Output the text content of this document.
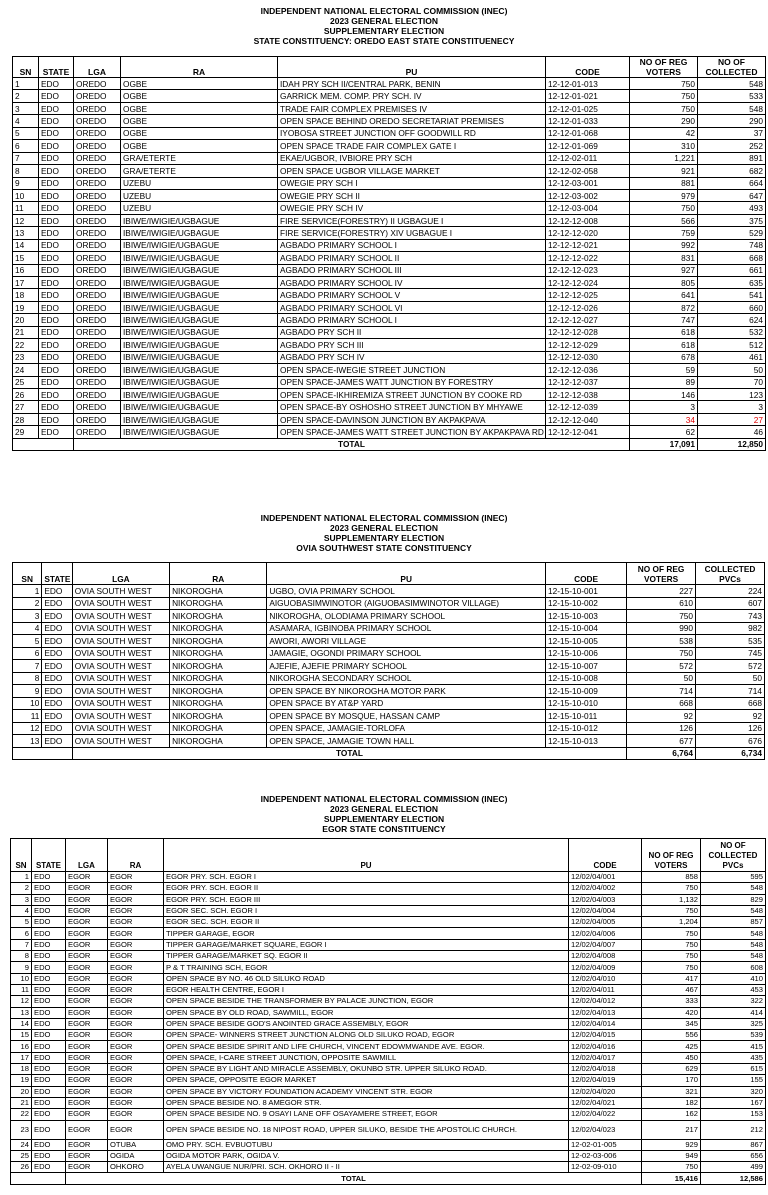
INDEPENDENT NATIONAL ELECTORAL COMMISSION (INEC)
2023 GENERAL ELECTION
SUPPLEMENTARY ELECTION
STATE CONSTITUENCY: OREDO EAST STATE CONSTITUENECY
SN	STATE	LGA	RA	PU	CODE	NO OF REG VOTERS	NO OF COLLECTED
1	EDO	OREDO	OGBE	IDAH PRY SCH II/CENTRAL PARK, BENIN	12-12-01-013	750	548
2	EDO	OREDO	OGBE	GARRICK MEM. COMP. PRY SCH. IV	12-12-01-021	750	533
3	EDO	OREDO	OGBE	TRADE FAIR COMPLEX PREMISES IV	12-12-01-025	750	548
4	EDO	OREDO	OGBE	OPEN SPACE BEHIND OREDO SECRETARIAT PREMISES	12-12-01-033	290	290
5	EDO	OREDO	OGBE	IYOBOSA STREET JUNCTION OFF GOODWILL RD	12-12-01-068	42	37
6	EDO	OREDO	OGBE	OPEN SPACE TRADE FAIR COMPLEX GATE I	12-12-01-069	310	252
7	EDO	OREDO	GRA/ETERTE	EKAE/UGBOR, IVBIORE PRY SCH	12-12-02-011	1,221	891
8	EDO	OREDO	GRA/ETERTE	OPEN SPACE UGBOR VILLAGE MARKET	12-12-02-058	921	682
9	EDO	OREDO	UZEBU	OWEGIE PRY SCH I	12-12-03-001	881	664
10	EDO	OREDO	UZEBU	OWEGIE PRY SCH II	12-12-03-002	979	647
11	EDO	OREDO	UZEBU	OWEGIE PRY SCH IV	12-12-03-004	750	493
12	EDO	OREDO	IBIWE/IWIGIE/UGBAGUE	FIRE SERVICE(FORESTRY) II UGBAGUE I	12-12-12-008	566	375
13	EDO	OREDO	IBIWE/IWIGIE/UGBAGUE	FIRE SERVICE(FORESTRY) XIV UGBAGUE I	12-12-12-020	759	529
14	EDO	OREDO	IBIWE/IWIGIE/UGBAGUE	AGBADO PRIMARY SCHOOL I	12-12-12-021	992	748
15	EDO	OREDO	IBIWE/IWIGIE/UGBAGUE	AGBADO PRIMARY SCHOOL II	12-12-12-022	831	668
16	EDO	OREDO	IBIWE/IWIGIE/UGBAGUE	AGBADO PRIMARY SCHOOL III	12-12-12-023	927	661
17	EDO	OREDO	IBIWE/IWIGIE/UGBAGUE	AGBADO PRIMARY SCHOOL IV	12-12-12-024	805	635
18	EDO	OREDO	IBIWE/IWIGIE/UGBAGUE	AGBADO PRIMARY SCHOOL V	12-12-12-025	641	541
19	EDO	OREDO	IBIWE/IWIGIE/UGBAGUE	AGBADO PRIMARY SCHOOL VI	12-12-12-026	872	660
20	EDO	OREDO	IBIWE/IWIGIE/UGBAGUE	AGBADO PRIMARY SCHOOL I	12-12-12-027	747	624
21	EDO	OREDO	IBIWE/IWIGIE/UGBAGUE	AGBADO PRY SCH II	12-12-12-028	618	532
22	EDO	OREDO	IBIWE/IWIGIE/UGBAGUE	AGBADO PRY SCH III	12-12-12-029	618	512
23	EDO	OREDO	IBIWE/IWIGIE/UGBAGUE	AGBADO PRY SCH IV	12-12-12-030	678	461
24	EDO	OREDO	IBIWE/IWIGIE/UGBAGUE	OPEN SPACE-IWEGIE STREET JUNCTION	12-12-12-036	59	50
25	EDO	OREDO	IBIWE/IWIGIE/UGBAGUE	OPEN SPACE-JAMES WATT JUNCTION BY FORESTRY	12-12-12-037	89	70
26	EDO	OREDO	IBIWE/IWIGIE/UGBAGUE	OPEN SPACE-IKHIREMIZA STREET JUNCTION BY COOKE RD	12-12-12-038	146	123
27	EDO	OREDO	IBIWE/IWIGIE/UGBAGUE	OPEN SPACE-BY OSHOSHO STREET JUNCTION BY MHYAWE	12-12-12-039	3	3
28	EDO	OREDO	IBIWE/IWIGIE/UGBAGUE	OPEN SPACE-DAVINSON JUNCTION BY AKPAKPAVA	12-12-12-040	34	27
29	EDO	OREDO	IBIWE/IWIGIE/UGBAGUE	OPEN SPACE-JAMES WATT STREET JUNCTION BY AKPAKPAVA RD	12-12-12-041	62	46
		TOTAL				17,091	12,850
INDEPENDENT NATIONAL ELECTORAL COMMISSION (INEC)
2023 GENERAL ELECTION
SUPPLEMENTARY ELECTION
OVIA SOUTHWEST STATE CONSTITUENCY
SN	STATE	LGA	RA	PU	CODE	NO OF REG VOTERS	COLLECTED PVCs
1	EDO	OVIA SOUTH WEST	NIKOROGHA	UGBO, OVIA PRIMARY SCHOOL	12-15-10-001	227	224
2	EDO	OVIA SOUTH WEST	NIKOROGHA	AIGUOBASIMWINOTOR (AIGUOBASIMWINOTOR VILLAGE)	12-15-10-002	610	607
3	EDO	OVIA SOUTH WEST	NIKOROGHA	NIKOROGHA, OLODIAMA PRIMARY SCHOOL	12-15-10-003	750	743
4	EDO	OVIA SOUTH WEST	NIKOROGHA	ASAMARA, IGBINOBA PRIMARY SCHOOL	12-15-10-004	990	982
5	EDO	OVIA SOUTH WEST	NIKOROGHA	AWORI, AWORI VILLAGE	12-15-10-005	538	535
6	EDO	OVIA SOUTH WEST	NIKOROGHA	JAMAGIE, OGONDI PRIMARY SCHOOL	12-15-10-006	750	745
7	EDO	OVIA SOUTH WEST	NIKOROGHA	AJEFIE, AJEFIE PRIMARY SCHOOL	12-15-10-007	572	572
8	EDO	OVIA SOUTH WEST	NIKOROGHA	NIKOROGHA SECONDARY SCHOOL	12-15-10-008	50	50
9	EDO	OVIA SOUTH WEST	NIKOROGHA	OPEN SPACE BY NIKOROGHA MOTOR PARK	12-15-10-009	714	714
10	EDO	OVIA SOUTH WEST	NIKOROGHA	OPEN SPACE BY AT&P YARD	12-15-10-010	668	668
11	EDO	OVIA SOUTH WEST	NIKOROGHA	OPEN SPACE BY MOSQUE, HASSAN CAMP	12-15-10-011	92	92
12	EDO	OVIA SOUTH WEST	NIKOROGHA	OPEN SPACE, JAMAGIE-TORLOFA	12-15-10-012	126	126
13	EDO	OVIA SOUTH WEST	NIKOROGHA	OPEN SPACE, JAMAGIE TOWN HALL	12-15-10-013	677	676
		TOTAL				6,764	6,734
INDEPENDENT NATIONAL ELECTORAL COMMISSION (INEC)
2023 GENERAL ELECTION
SUPPLEMENTARY ELECTION
EGOR STATE CONSTITUENCY
SN	STATE	LGA	RA	PU	CODE	NO OF REG VOTERS	NO OF COLLECTED PVCs
1	EDO	EGOR	EGOR	EGOR PRY. SCH. EGOR I	12/02/04/001	858	595
2	EDO	EGOR	EGOR	EGOR PRY. SCH. EGOR II	12/02/04/002	750	548
3	EDO	EGOR	EGOR	EGOR PRY. SCH. EGOR III	12/02/04/003	1,132	829
4	EDO	EGOR	EGOR	EGOR SEC. SCH. EGOR I	12/02/04/004	750	548
5	EDO	EGOR	EGOR	EGOR SEC. SCH. EGOR II	12/02/04/005	1,204	857
6	EDO	EGOR	EGOR	TIPPER GARAGE, EGOR	12/02/04/006	750	548
7	EDO	EGOR	EGOR	TIPPER GARAGE/MARKET SQUARE, EGOR I	12/02/04/007	750	548
8	EDO	EGOR	EGOR	TIPPER GARAGE/MARKET SQ. EGOR II	12/02/04/008	750	548
9	EDO	EGOR	EGOR	P & T TRAINING SCH, EGOR	12/02/04/009	750	608
10	EDO	EGOR	EGOR	OPEN SPACE BY NO. 46 OLD SILUKO ROAD	12/02/04/010	417	410
11	EDO	EGOR	EGOR	EGOR HEALTH CENTRE, EGOR I	12/02/04/011	467	453
12	EDO	EGOR	EGOR	OPEN SPACE BESIDE THE TRANSFORMER BY PALACE JUNCTION, EGOR	12/02/04/012	333	322
13	EDO	EGOR	EGOR	OPEN SPACE BY OLD ROAD, SAWMILL, EGOR	12/02/04/013	420	414
14	EDO	EGOR	EGOR	OPEN SPACE BESIDE GOD'S ANOINTED GRACE ASSEMBLY, EGOR	12/02/04/014	345	325
15	EDO	EGOR	EGOR	OPEN SPACE- WINNERS STREET JUNCTION ALONG OLD SILUKO ROAD, EGOR	12/02/04/015	556	539
16	EDO	EGOR	EGOR	OPEN SPACE BESIDE SPIRIT AND LIFE CHURCH, VINCENT EDOWMWANDE AVE. EGOR.	12/02/04/016	425	415
17	EDO	EGOR	EGOR	OPEN SPACE, I-CARE STREET JUNCTION, OPPOSITE SAWMILL	12/02/04/017	450	435
18	EDO	EGOR	EGOR	OPEN SPACE BY LIGHT AND MIRACLE ASSEMBLY, OKUNBO STR. UPPER SILUKO ROAD.	12/02/04/018	629	615
19	EDO	EGOR	EGOR	OPEN SPACE, OPPOSITE EGOR MARKET	12/02/04/019	170	155
20	EDO	EGOR	EGOR	OPEN SPACE BY VICTORY FOUNDATION ACADEMY VINCENT STR. EGOR	12/02/04/020	321	320
21	EDO	EGOR	EGOR	OPEN SPACE BESIDE NO. 8 AMEGOR STR.	12/02/04/021	182	167
22	EDO	EGOR	EGOR	OPEN SPACE BESIDE NO. 9 OSAYI LANE OFF OSAYAMERE STREET, EGOR	12/02/04/022	162	153
23	EDO	EGOR	EGOR	OPEN SPACE BESIDE NO. 18 NIPOST ROAD, UPPER SILUKO, BESIDE THE APOSTOLIC CHURCH.	12/02/04/023	217	212
24	EDO	EGOR	OTUBA	OMO PRY. SCH. EVBUOTUBU	12-02-01-005	929	867
25	EDO	EGOR	OGIDA	OGIDA MOTOR PARK, OGIDA V.	12-02-03-006	949	656
26	EDO	EGOR	OHKORO	AYELA UWANGUE NUR/PRI. SCH. OKHORO II - II	12-02-09-010	750	499
		TOTAL				15,416	12,586
